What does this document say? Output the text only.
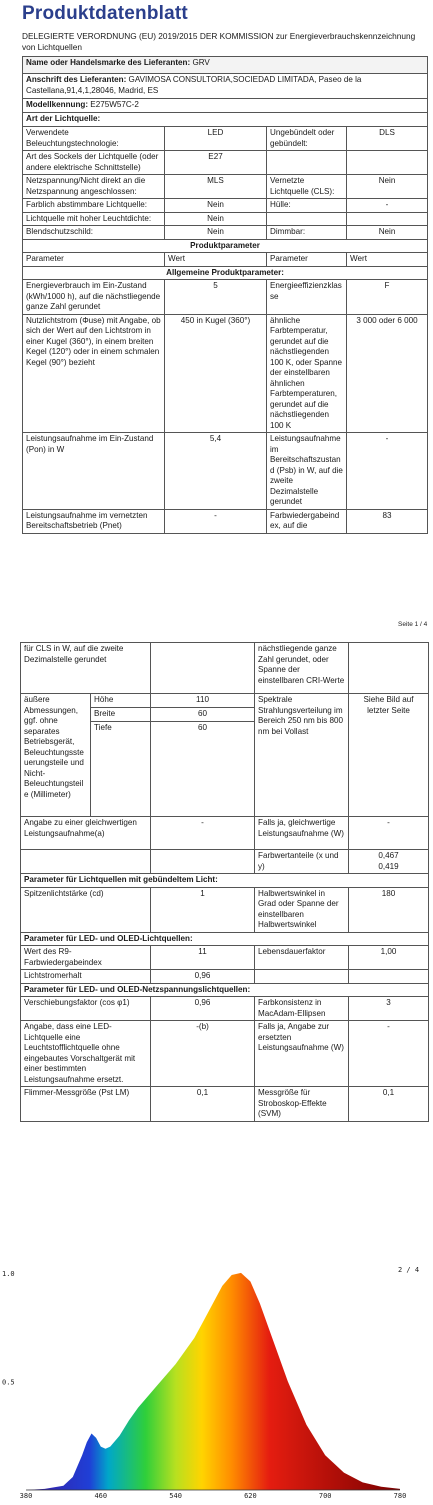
Produktdatenblatt
DELEGIERTE VERORDNUNG (EU) 2019/2015 DER KOMMISSION zur Energieverbrauchskennzeichnung von Lichtquellen
Name oder Handelsmarke des Lieferanten: GRV			
Anschrift des Lieferanten: GAVIMOSA CONSULTORIA,SOCIEDAD LIMITADA, Paseo de la Castellana,91,4,1,28046, Madrid, ES			
Modellkennung: E275W57C-2			
Art der Lichtquelle:			
Verwendete Beleuchtungstechnologie:	LED	Ungebündelt oder gebündelt:	DLS
Art des Sockels der Lichtquelle (oder andere elektrische Schnittstelle)	E27		
Netzspannung/Nicht direkt an die Netzspannung angeschlossen:	MLS	Vernetzte Lichtquelle (CLS):	Nein
Farblich abstimmbare Lichtquelle:	Nein	Hülle:	-
Lichtquelle mit hoher Leuchtdichte:	Nein		
Blendschutzschild:	Nein	Dimmbar:	Nein
Produktparameter			
Parameter	Wert	Parameter	Wert
Allgemeine Produktparameter:			
Energieverbrauch im Ein-Zustand (kWh/1000 h), auf die nächstliegende ganze Zahl gerundet	5	Energieeffizienzklasse	F
Nutzlichtstrom (Φuse) mit Angabe, ob sich der Wert auf den Lichtstrom in einer Kugel (360°), in einem breiten Kegel (120°) oder in einem schmalen Kegel (90°) bezieht	450 in Kugel (360°)	ähnliche Farbtemperatur, gerundet auf die nächstliegenden 100 K, oder Spanne der einstellbaren ähnlichen Farbtemperaturen, gerundet auf die nächstliegenden 100 K	3 000 oder 6 000
Leistungsaufnahme im Ein-Zustand (Pon) in W	5,4	Leistungsaufnahme im Bereitschaftszustand (Psb) in W, auf die zweite Dezimalstelle gerundet	-
Leistungsaufnahme im vernetzten Bereitschaftsbetrieb (Pnet)	-	Farbwiedergabeindex, auf die	83
Seite 1 / 4
für CLS in W, auf die zweite Dezimalstelle gerundet			nächstliegende ganze Zahl gerundet, oder Spanne der einstellbaren CRI-Werte	
äußere Abmessungen, ggf. ohne separates Betriebsgerät, Beleuchtungssteuerungsteile und Nicht-Beleuchtungsteile (Millimeter)	Höhe	110	Spektrale Strahlungsverteilung im Bereich 250 nm bis 800 nm bei Vollast	Siehe Bild auf letzter Seite
	Breite	60		
	Tiefe	60		
Angabe zu einer gleichwertigen Leistungsaufnahme(a)		-	Falls ja, gleichwertige Leistungsaufnahme (W)	-
			Farbwertanteile (x und y)	0,467
0,419
Parameter für Lichtquellen mit gebündeltem Licht:				
Spitzenlichtstärke (cd)		1	Halbwertswinkel in Grad oder Spanne der einstellbaren Halbwertswinkel	180
Parameter für LED- und OLED-Lichtquellen:				
Wert des R9-Farbwiedergabeindex		11	Lebensdauerfaktor	1,00
Lichtstromerhalt		0,96		
Parameter für LED- und OLED-Netzspannungslichtquellen:				
Verschiebungsfaktor (cos φ1)		0,96	Farbkonsistenz in MacAdam-Ellipsen	3
Angabe, dass eine LED-Lichtquelle eine Leuchtstofflichtquelle ohne eingebautes Vorschaltgerät mit einer bestimmten Leistungsaufnahme ersetzt.		-(b)	Falls ja, Angabe zur ersetzten Leistungsaufnahme (W)	-
Flimmer-Messgröße (Pst LM)		0,1	Messgröße für Stroboskop-Effekte (SVM)	0,1
380	460	540	620	700	780
1.0
0.5
2 / 4
